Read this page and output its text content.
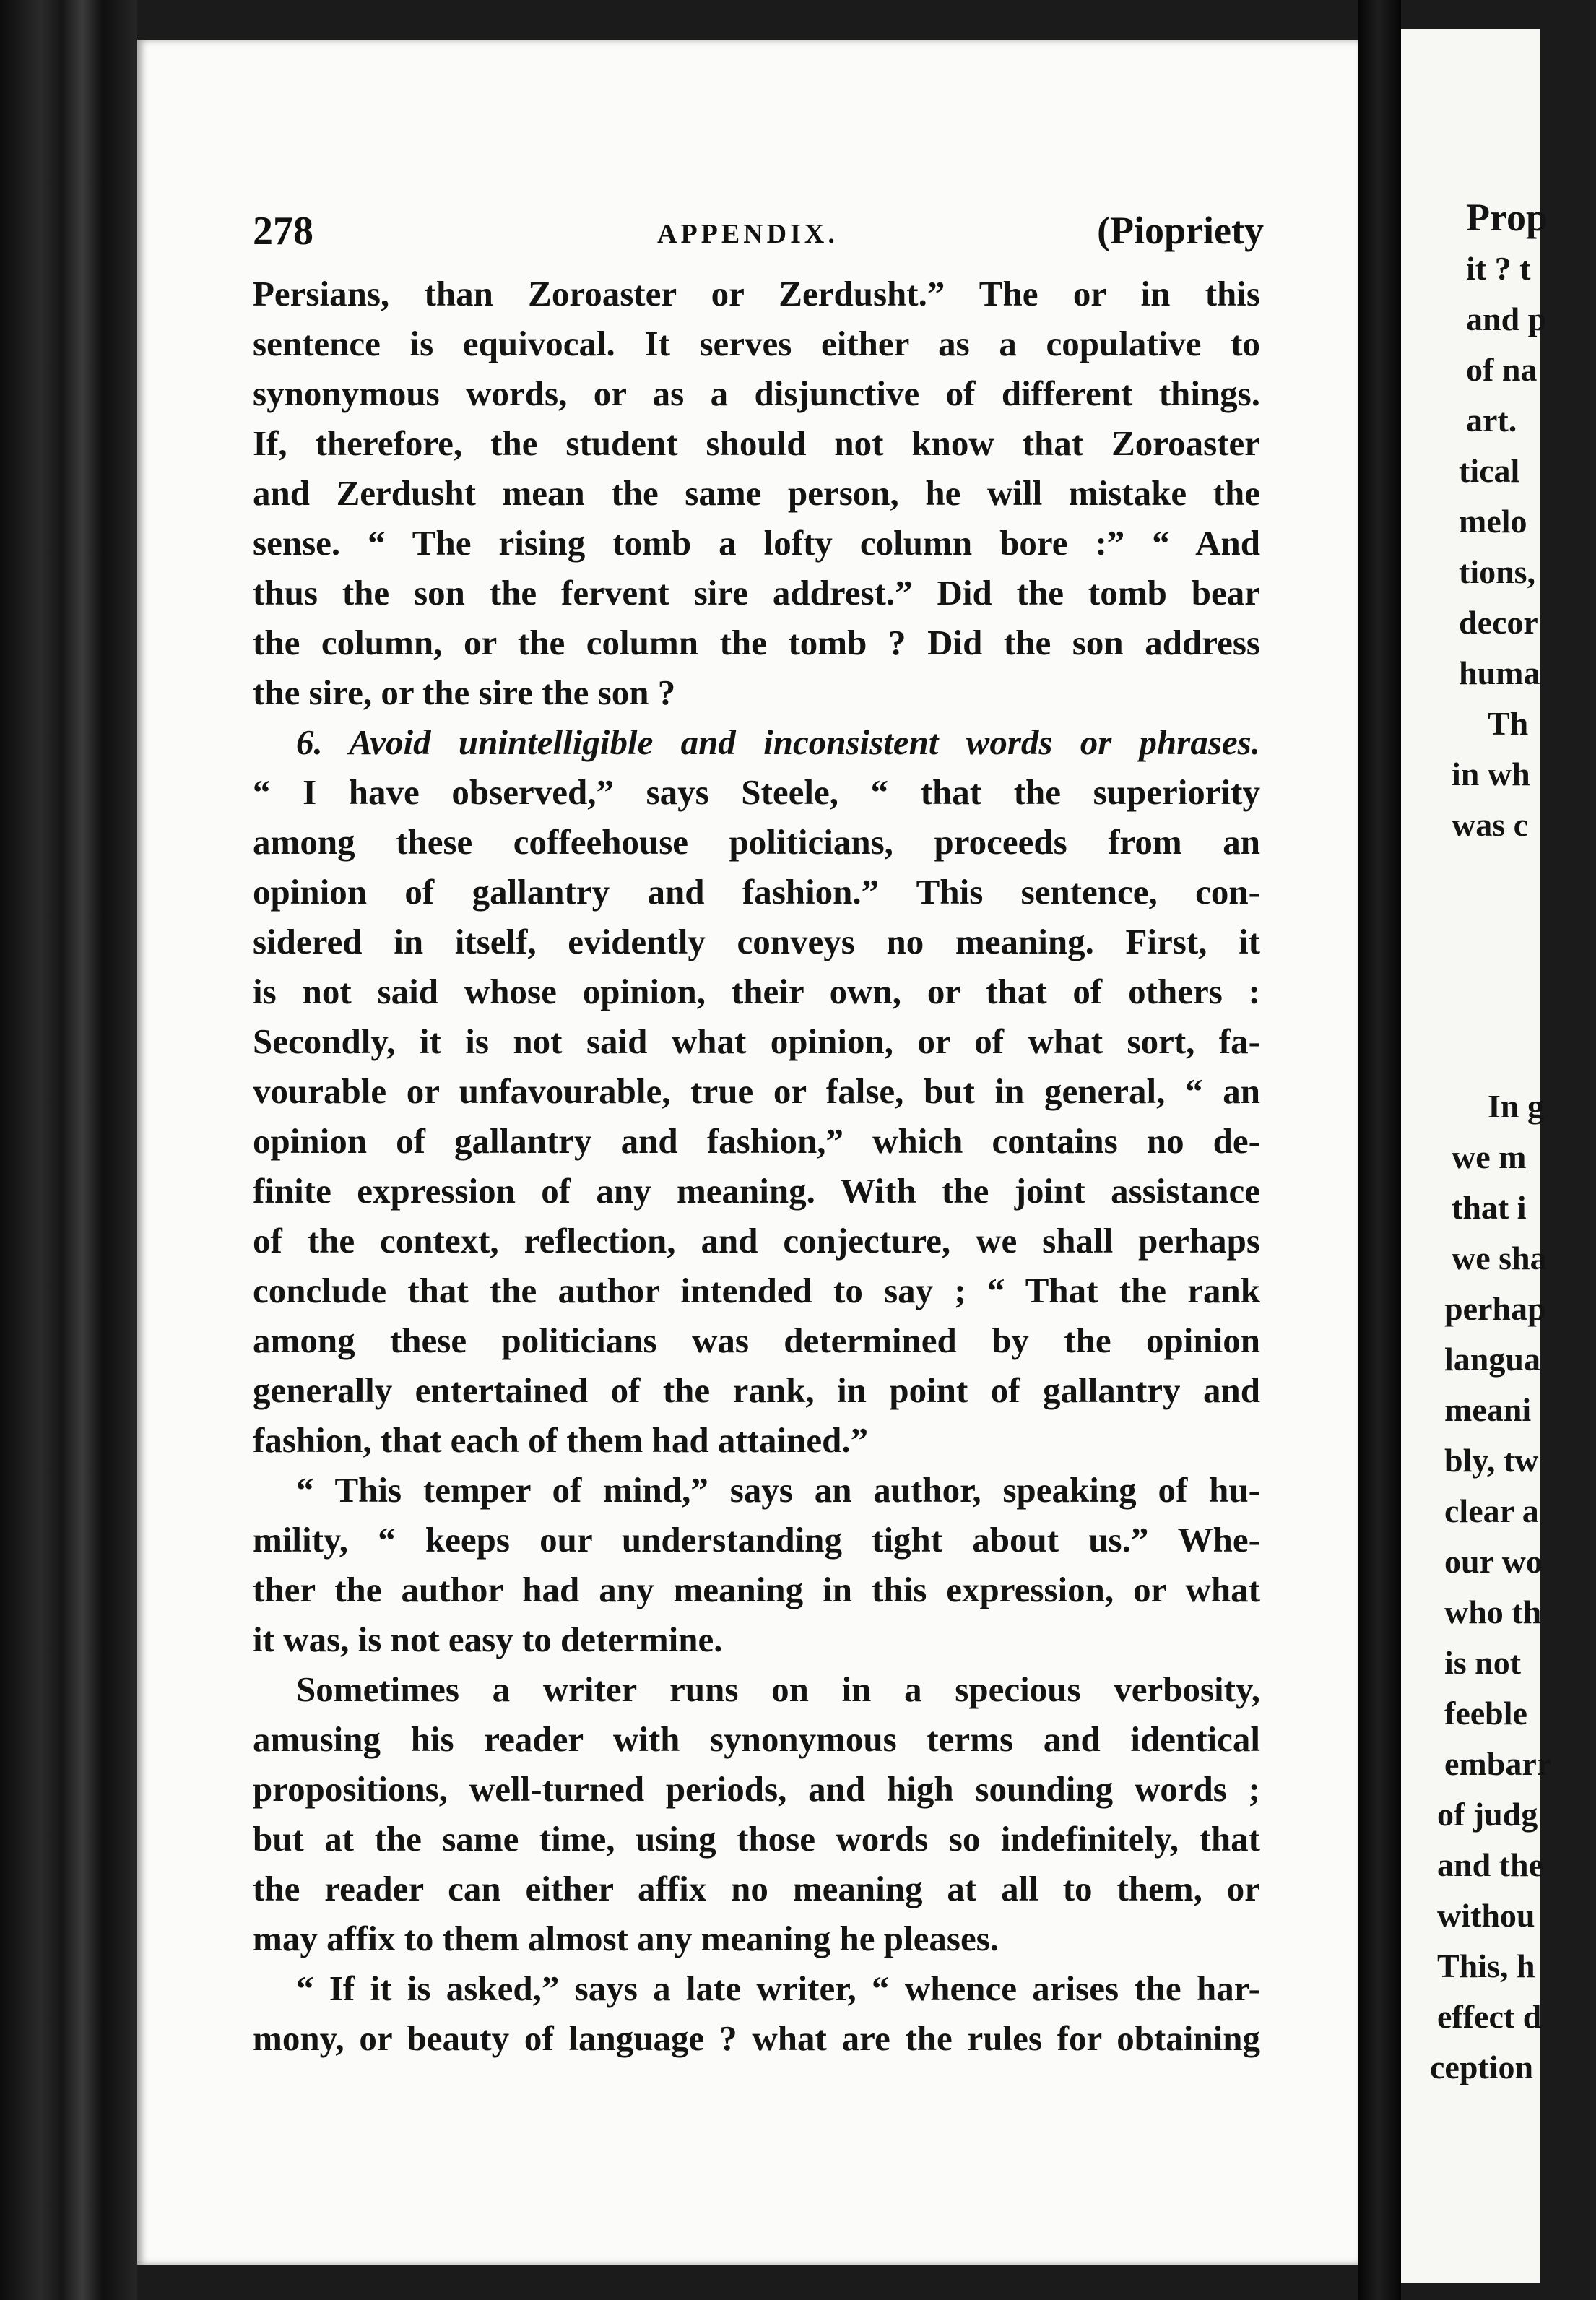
278	APPENDIX.	(Piopriety
Persians, than Zoroaster or Zerdusht.” The or in this
sentence is equivocal. It serves either as a copulative to
synonymous words, or as a disjunctive of different things.
If, therefore, the student should not know that Zoroaster
and Zerdusht mean the same person, he will mistake the
sense. “ The rising tomb a lofty column bore :” “ And
thus the son the fervent sire addrest.” Did the tomb bear
the column, or the column the tomb ? Did the son address
the sire, or the sire the son ?
6. Avoid unintelligible and inconsistent words or phrases.
“ I have observed,” says Steele, “ that the superiority
among these coffeehouse politicians, proceeds from an
opinion of gallantry and fashion.” This sentence, con-
sidered in itself, evidently conveys no meaning. First, it
is not said whose opinion, their own, or that of others :
Secondly, it is not said what opinion, or of what sort, fa-
vourable or unfavourable, true or false, but in general, “ an
opinion of gallantry and fashion,” which contains no de-
finite expression of any meaning. With the joint assistance
of the context, reflection, and conjecture, we shall perhaps
conclude that the author intended to say ; “ That the rank
among these politicians was determined by the opinion
generally entertained of the rank, in point of gallantry and
fashion, that each of them had attained.”
“ This temper of mind,” says an author, speaking of hu-
mility, “ keeps our understanding tight about us.” Whe-
ther the author had any meaning in this expression, or what
it was, is not easy to determine.
Sometimes a writer runs on in a specious verbosity,
amusing his reader with synonymous terms and identical
propositions, well-turned periods, and high sounding words ;
but at the same time, using those words so indefinitely, that
the reader can either affix no meaning at all to them, or
may affix to them almost any meaning he pleases.
“ If it is asked,” says a late writer, “ whence arises the har-
mony, or beauty of language ? what are the rules for obtaining
Prop
it ? t
and p
of na
art.
tical
melo
tions,
decor
huma
Th
in wh
was c
In g
we m
that i
we sha
perhap
langua
meani
bly, tw
clear a
our wo
who th
is not
feeble
embarr
of judg
and the
withou
This, h
effect d
ception
